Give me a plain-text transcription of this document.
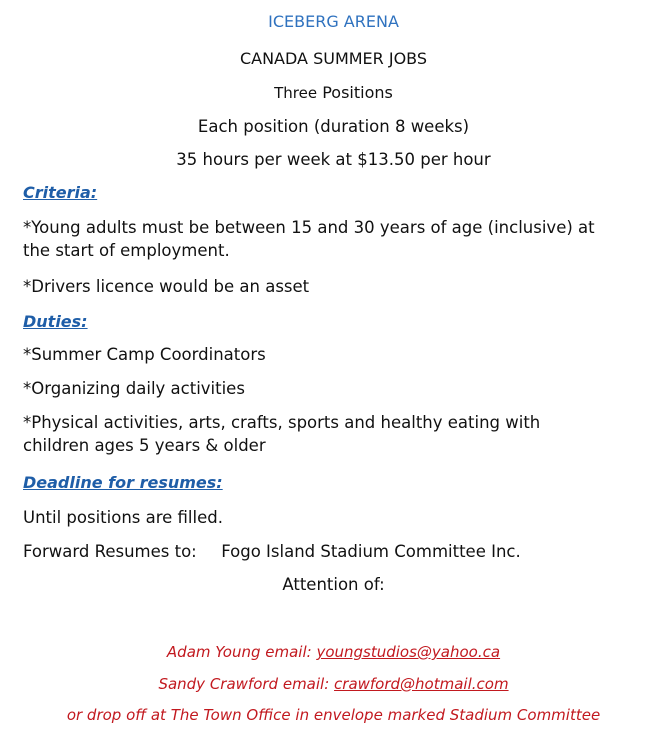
ICEBERG ARENA
CANADA SUMMER JOBS
Three Positions
Each position (duration 8 weeks)
35 hours per week at $13.50 per hour
Criteria:
*Young adults must be between 15 and 30 years of age (inclusive) at
the start of employment.
*Drivers licence would be an asset
Duties:
*Summer Camp Coordinators
*Organizing daily activities
*Physical activities, arts, crafts, sports and healthy eating with
children ages 5 years & older
Deadline for resumes:
Until positions are filled.
Forward Resumes to: Fogo Island Stadium Committee Inc.
Attention of:
Adam Young email: youngstudios@yahoo.ca
Sandy Crawford email: crawford@hotmail.com
or drop off at The Town Office in envelope marked Stadium Committee
